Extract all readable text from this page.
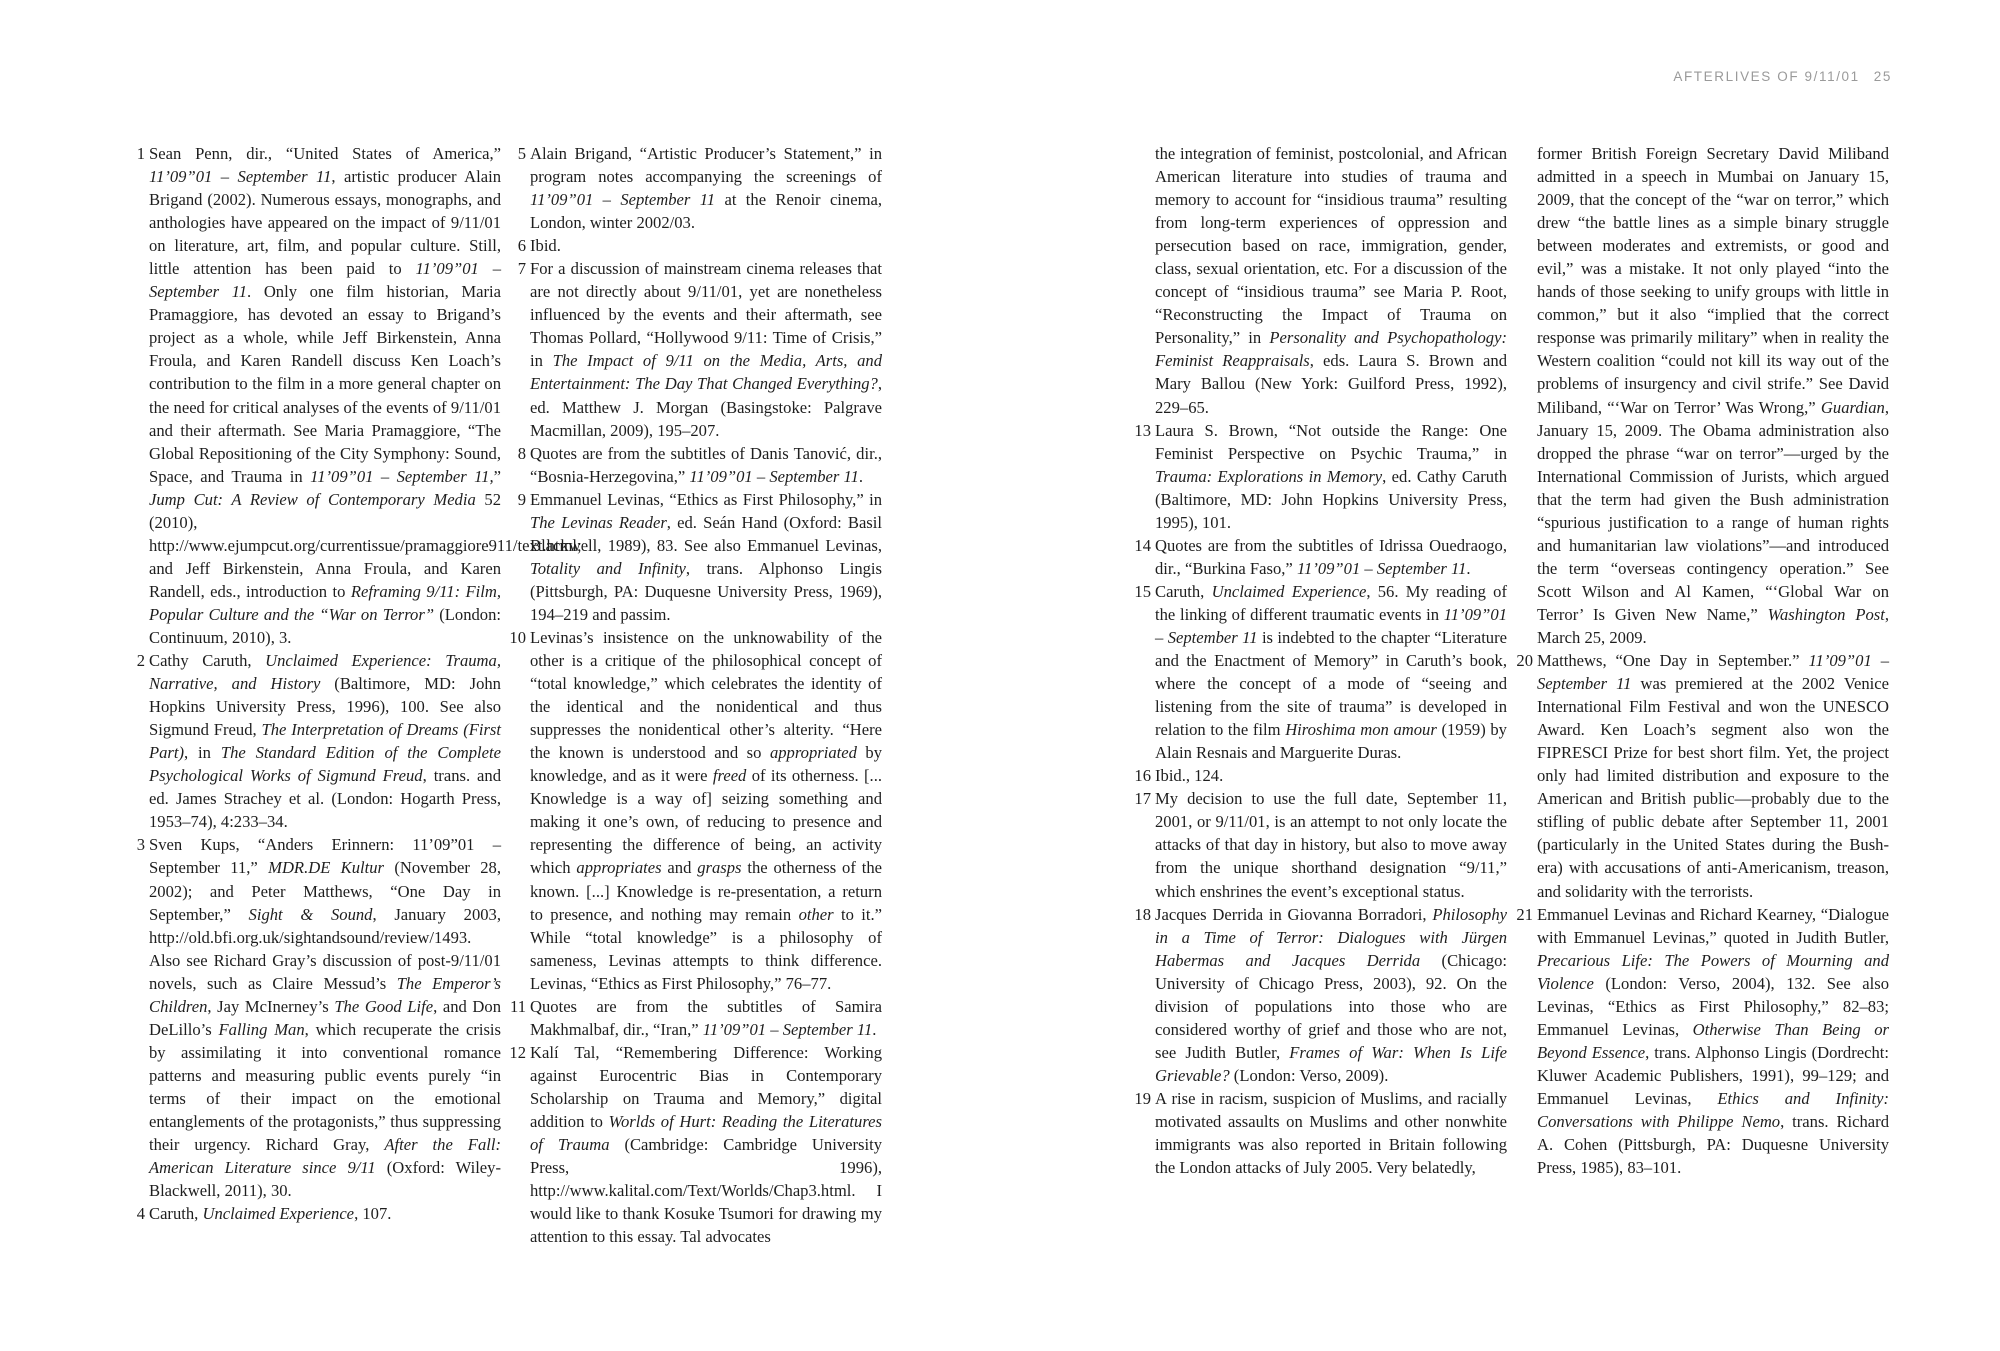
1 Sean Penn, dir., “United States of America,” 11’09”01 – September 11, artistic producer Alain Brigand (2002). Numerous essays, monographs, and anthologies have appeared on the impact of 9/11/01 on literature, art, film, and popular culture. Still, little attention has been paid to 11’09”01 – September 11. Only one film historian, Maria Pramaggiore, has devoted an essay to Brigand’s project as a whole, while Jeff Birkenstein, Anna Froula, and Karen Randell discuss Ken Loach’s contribution to the film in a more general chapter on the need for critical analyses of the events of 9/11/01 and their aftermath. See Maria Pramaggiore, “The Global Repositioning of the City Symphony: Sound, Space, and Trauma in 11’09”01 – September 11,” Jump Cut: A Review of Contemporary Media 52 (2010), http://www.ejumpcut.org/currentissue/pramaggiore911/text.html; and Jeff Birkenstein, Anna Froula, and Karen Randell, eds., introduction to Reframing 9/11: Film, Popular Culture and the “War on Terror” (London: Continuum, 2010), 3.

2 Cathy Caruth, Unclaimed Experience: Trauma, Narrative, and History (Baltimore, MD: John Hopkins University Press, 1996), 100. See also Sigmund Freud, The Interpretation of Dreams (First Part), in The Standard Edition of the Complete Psychological Works of Sigmund Freud, trans. and ed. James Strachey et al. (London: Hogarth Press, 1953–74), 4:233–34.

3 Sven Kups, “Anders Erinnern: 11’09”01 – September 11,” MDR.DE Kultur (November 28, 2002); and Peter Matthews, “One Day in September,” Sight & Sound, January 2003, http://old.bfi.org.uk/sightandsound/review/1493. Also see Richard Gray’s discussion of post-9/11/01 novels, such as Claire Messud’s The Emperor’s Children, Jay McInerney’s The Good Life, and Don DeLillo’s Falling Man, which recuperate the crisis by assimilating it into conventional romance patterns and measuring public events purely “in terms of their impact on the emotional entanglements of the protagonists,” thus suppressing their urgency. Richard Gray, After the Fall: American Literature since 9/11 (Oxford: Wiley-Blackwell, 2011), 30.

4 Caruth, Unclaimed Experience, 107.

5 Alain Brigand, “Artistic Producer’s Statement,” in program notes accompanying the screenings of 11’09”01 – September 11 at the Renoir cinema, London, winter 2002/03.

6 Ibid.

7 For a discussion of mainstream cinema releases that are not directly about 9/11/01, yet are nonetheless influenced by the events and their aftermath, see Thomas Pollard, “Hollywood 9/11: Time of Crisis,” in The Impact of 9/11 on the Media, Arts, and Entertainment: The Day That Changed Everything?, ed. Matthew J. Morgan (Basingstoke: Palgrave Macmillan, 2009), 195–207.

8 Quotes are from the subtitles of Danis Tanović, dir., “Bosnia-Herzegovina,” 11’09”01 – September 11.

9 Emmanuel Levinas, “Ethics as First Philosophy,” in The Levinas Reader, ed. Seán Hand (Oxford: Basil Blackwell, 1989), 83. See also Emmanuel Levinas, Totality and Infinity, trans. Alphonso Lingis (Pittsburgh, PA: Duquesne University Press, 1969), 194–219 and passim.

10 Levinas’s insistence on the unknowability of the other is a critique of the philosophical concept of “total knowledge,” which celebrates the identity of the identical and the nonidentical and thus suppresses the nonidentical other’s alterity. “Here the known is understood and so appropriated by knowledge, and as it were freed of its otherness. [... Knowledge is a way of] seizing something and making it one’s own, of reducing to presence and representing the difference of being, an activity which appropriates and grasps the otherness of the known. [...] Knowledge is re-presentation, a return to presence, and nothing may remain other to it.” While “total knowledge” is a philosophy of sameness, Levinas attempts to think difference. Levinas, “Ethics as First Philosophy,” 76–77.

11 Quotes are from the subtitles of Samira Makhmalbaf, dir., “Iran,” 11’09”01 – September 11.

12 Kalí Tal, “Remembering Difference: Working against Eurocentric Bias in Contemporary Scholarship on Trauma and Memory,” digital addition to Worlds of Hurt: Reading the Literatures of Trauma (Cambridge: Cambridge University Press, 1996), http://www.kalital.com/Text/Worlds/Chap3.html. I would like to thank Kosuke Tsumori for drawing my attention to this essay. Tal advocates

AFTERLIVES OF 9/11/01 25

the integration of feminist, postcolonial, and African American literature into studies of trauma and memory to account for “insidious trauma” resulting from long-term experiences of oppression and persecution based on race, immigration, gender, class, sexual orientation, etc. For a discussion of the concept of “insidious trauma” see Maria P. Root, “Reconstructing the Impact of Trauma on Personality,” in Personality and Psychopathology: Feminist Reappraisals, eds. Laura S. Brown and Mary Ballou (New York: Guilford Press, 1992), 229–65.

13 Laura S. Brown, “Not outside the Range: One Feminist Perspective on Psychic Trauma,” in Trauma: Explorations in Memory, ed. Cathy Caruth (Baltimore, MD: John Hopkins University Press, 1995), 101.

14 Quotes are from the subtitles of Idrissa Ouedraogo, dir., “Burkina Faso,” 11’09”01 – September 11.

15 Caruth, Unclaimed Experience, 56. My reading of the linking of different traumatic events in 11’09”01 – September 11 is indebted to the chapter “Literature and the Enactment of Memory” in Caruth’s book, where the concept of a mode of “seeing and listening from the site of trauma” is developed in relation to the film Hiroshima mon amour (1959) by Alain Resnais and Marguerite Duras.

16 Ibid., 124.

17 My decision to use the full date, September 11, 2001, or 9/11/01, is an attempt to not only locate the attacks of that day in history, but also to move away from the unique shorthand designation “9/11,” which enshrines the event’s exceptional status.

18 Jacques Derrida in Giovanna Borradori, Philosophy in a Time of Terror: Dialogues with Jürgen Habermas and Jacques Derrida (Chicago: University of Chicago Press, 2003), 92. On the division of populations into those who are considered worthy of grief and those who are not, see Judith Butler, Frames of War: When Is Life Grievable? (London: Verso, 2009).

19 A rise in racism, suspicion of Muslims, and racially motivated assaults on Muslims and other nonwhite immigrants was also reported in Britain following the London attacks of July 2005. Very belatedly,

former British Foreign Secretary David Miliband admitted in a speech in Mumbai on January 15, 2009, that the concept of the “war on terror,” which drew “the battle lines as a simple binary struggle between moderates and extremists, or good and evil,” was a mistake. It not only played “into the hands of those seeking to unify groups with little in common,” but it also “implied that the correct response was primarily military” when in reality the Western coalition “could not kill its way out of the problems of insurgency and civil strife.” See David Miliband, “‘War on Terror’ Was Wrong,” Guardian, January 15, 2009. The Obama administration also dropped the phrase “war on terror”—urged by the International Commission of Jurists, which argued that the term had given the Bush administration “spurious justification to a range of human rights and humanitarian law violations”—and introduced the term “overseas contingency operation.” See Scott Wilson and Al Kamen, “‘Global War on Terror’ Is Given New Name,” Washington Post, March 25, 2009.

20 Matthews, “One Day in September.” 11’09”01 – September 11 was premiered at the 2002 Venice International Film Festival and won the UNESCO Award. Ken Loach’s segment also won the FIPRESCI Prize for best short film. Yet, the project only had limited distribution and exposure to the American and British public—probably due to the stifling of public debate after September 11, 2001 (particularly in the United States during the Bush-era) with accusations of anti-Americanism, treason, and solidarity with the terrorists.

21 Emmanuel Levinas and Richard Kearney, “Dialogue with Emmanuel Levinas,” quoted in Judith Butler, Precarious Life: The Powers of Mourning and Violence (London: Verso, 2004), 132. See also Levinas, “Ethics as First Philosophy,” 82–83; Emmanuel Levinas, Otherwise Than Being or Beyond Essence, trans. Alphonso Lingis (Dordrecht: Kluwer Academic Publishers, 1991), 99–129; and Emmanuel Levinas, Ethics and Infinity: Conversations with Philippe Nemo, trans. Richard A. Cohen (Pittsburgh, PA: Duquesne University Press, 1985), 83–101.
